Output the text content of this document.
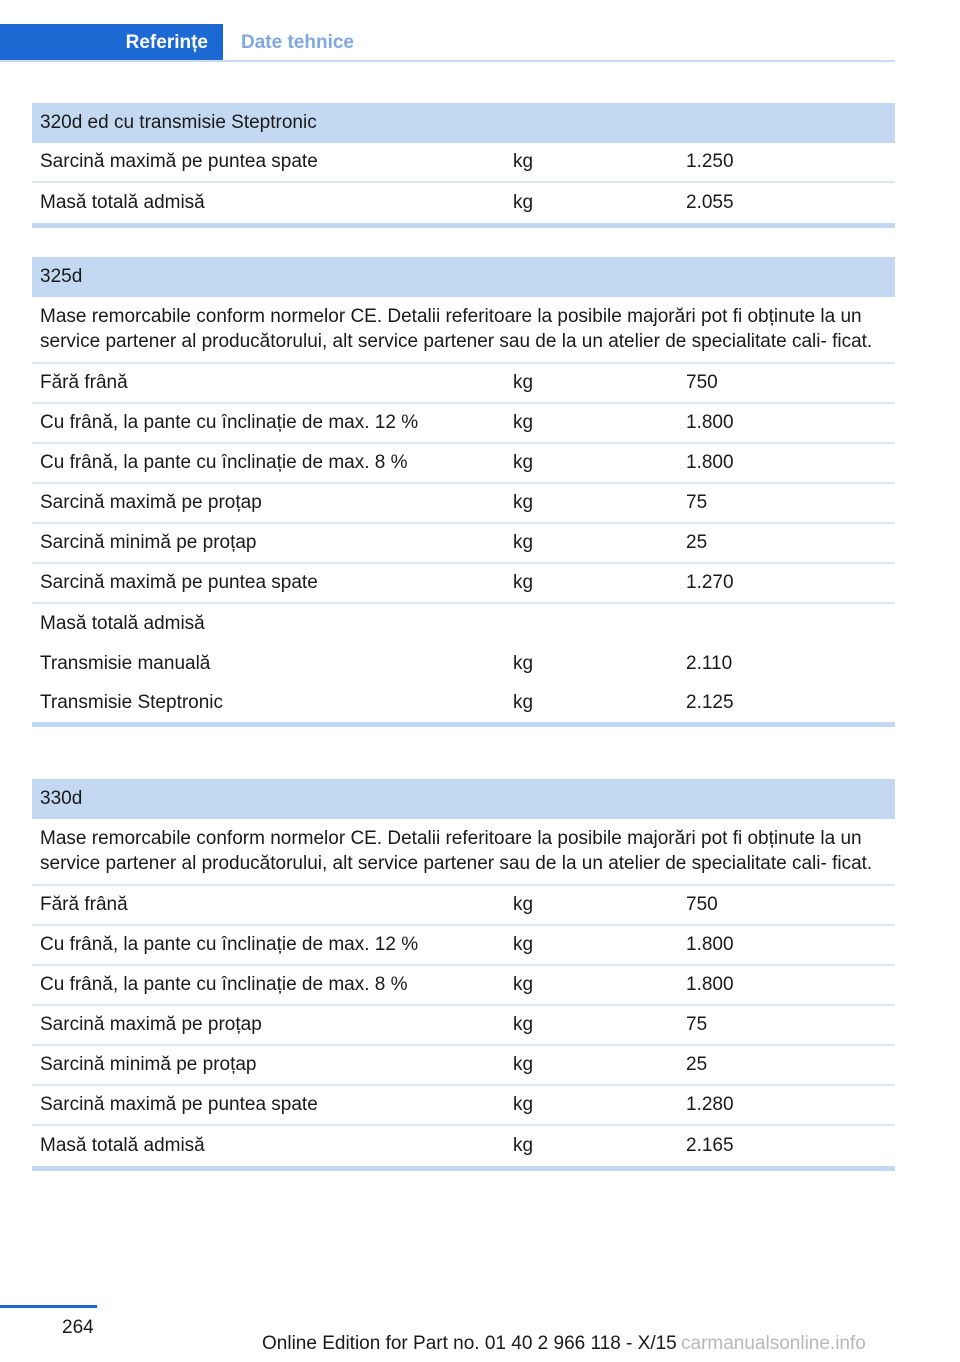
Referințe	Date tehnice
320d ed cu transmisie Steptronic
Sarcină maximă pe puntea spate	kg	1.250
Masă totală admisă	kg	2.055
325d
Mase remorcabile conform normelor CE. Detalii referitoare la posibile majorări pot fi obținute la un service partener al producătorului, alt service partener sau de la un atelier de specialitate cali- ficat.
Fără frână	kg	750
Cu frână, la pante cu înclinație de max. 12 %	kg	1.800
Cu frână, la pante cu înclinație de max. 8 %	kg	1.800
Sarcină maximă pe proțap	kg	75
Sarcină minimă pe proțap	kg	25
Sarcină maximă pe puntea spate	kg	1.270
Masă totală admisă
Transmisie manuală	kg	2.110
Transmisie Steptronic	kg	2.125
330d
Mase remorcabile conform normelor CE. Detalii referitoare la posibile majorări pot fi obținute la un service partener al producătorului, alt service partener sau de la un atelier de specialitate cali- ficat.
Fără frână	kg	750
Cu frână, la pante cu înclinație de max. 12 %	kg	1.800
Cu frână, la pante cu înclinație de max. 8 %	kg	1.800
Sarcină maximă pe proțap	kg	75
Sarcină minimă pe proțap	kg	25
Sarcină maximă pe puntea spate	kg	1.280
Masă totală admisă	kg	2.165
264
Online Edition for Part no. 01 40 2 966 118 - X/15 carmanualsonline.info
